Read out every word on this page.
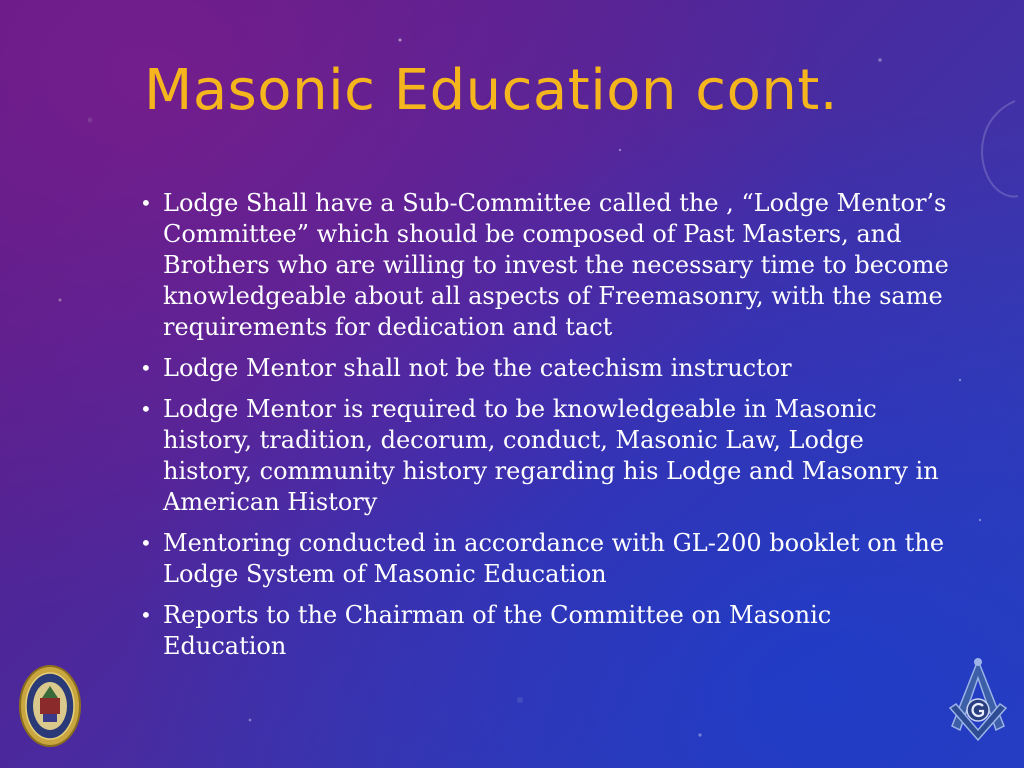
Masonic Education cont.
• Lodge Shall have a Sub-Committee called the , “Lodge Mentor’s Committee” which should be composed of Past Masters, and Brothers who are willing to invest the necessary time to become knowledgeable about all aspects of Freemasonry, with the same requirements for dedication and tact
• Lodge Mentor shall not be the catechism instructor
• Lodge Mentor is required to be knowledgeable in Masonic history, tradition, decorum, conduct, Masonic Law, Lodge history, community history regarding his Lodge and Masonry in American History
• Mentoring conducted in accordance with GL-200 booklet on the Lodge System of Masonic Education
• Reports to the Chairman of the Committee on Masonic Education
